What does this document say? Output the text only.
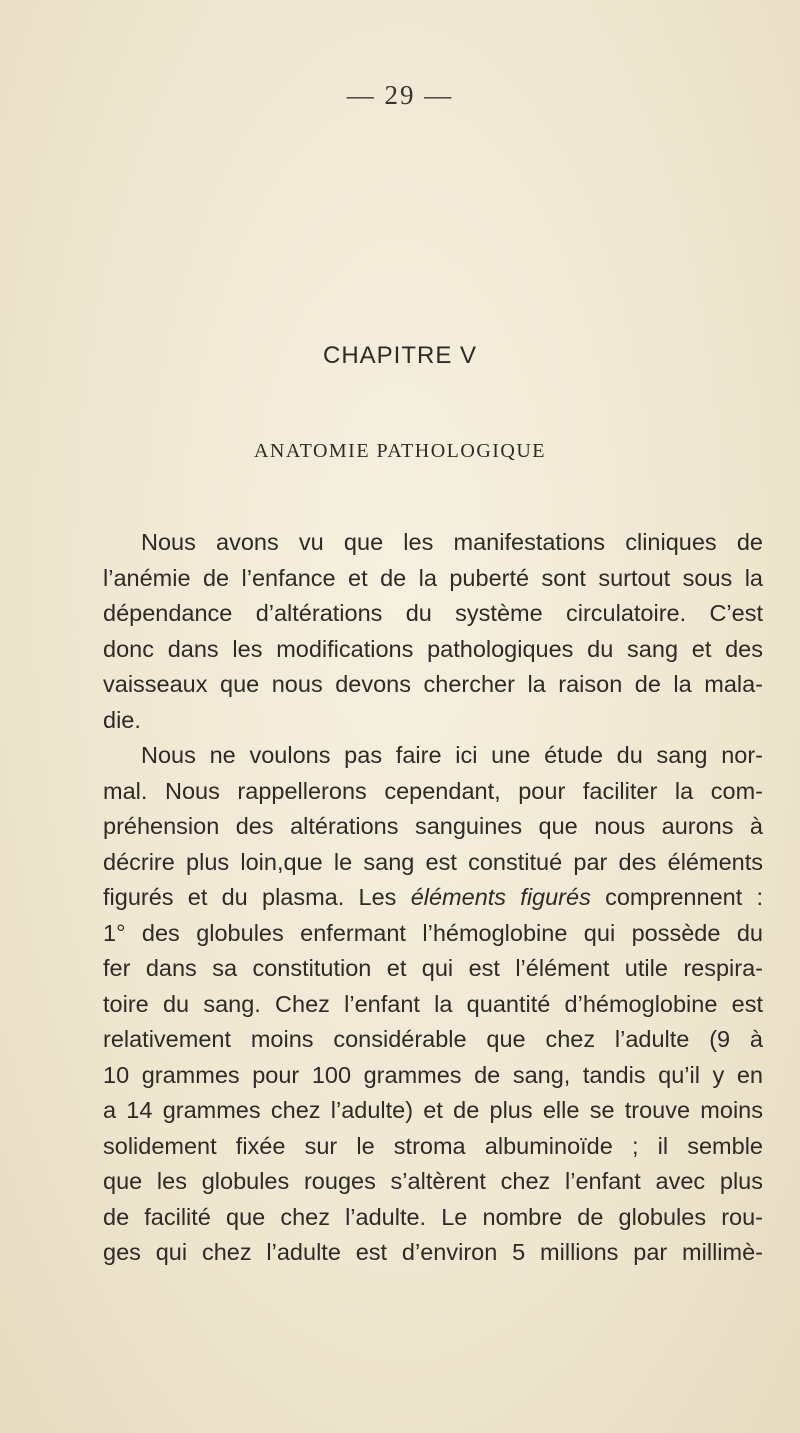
— 29 —
CHAPITRE V
ANATOMIE PATHOLOGIQUE
Nous avons vu que les manifestations cliniques de
l’anémie de l’enfance et de la puberté sont surtout sous la
dépendance d’altérations du système circulatoire. C’est
donc dans les modifications pathologiques du sang et des
vaisseaux que nous devons chercher la raison de la mala-
die.
Nous ne voulons pas faire ici une étude du sang nor-
mal. Nous rappellerons cependant, pour faciliter la com-
préhension des altérations sanguines que nous aurons à
décrire plus loin,que le sang est constitué par des éléments
figurés et du plasma. Les éléments figurés comprennent :
1° des globules enfermant l’hémoglobine qui possède du
fer dans sa constitution et qui est l’élément utile respira-
toire du sang. Chez l’enfant la quantité d’hémoglobine est
relativement moins considérable que chez l’adulte (9 à
10 grammes pour 100 grammes de sang, tandis qu’il y en
a 14 grammes chez l’adulte) et de plus elle se trouve moins
solidement fixée sur le stroma albuminoïde ; il semble
que les globules rouges s’altèrent chez l’enfant avec plus
de facilité que chez l’adulte. Le nombre de globules rou-
ges qui chez l’adulte est d’environ 5 millions par millimè-
